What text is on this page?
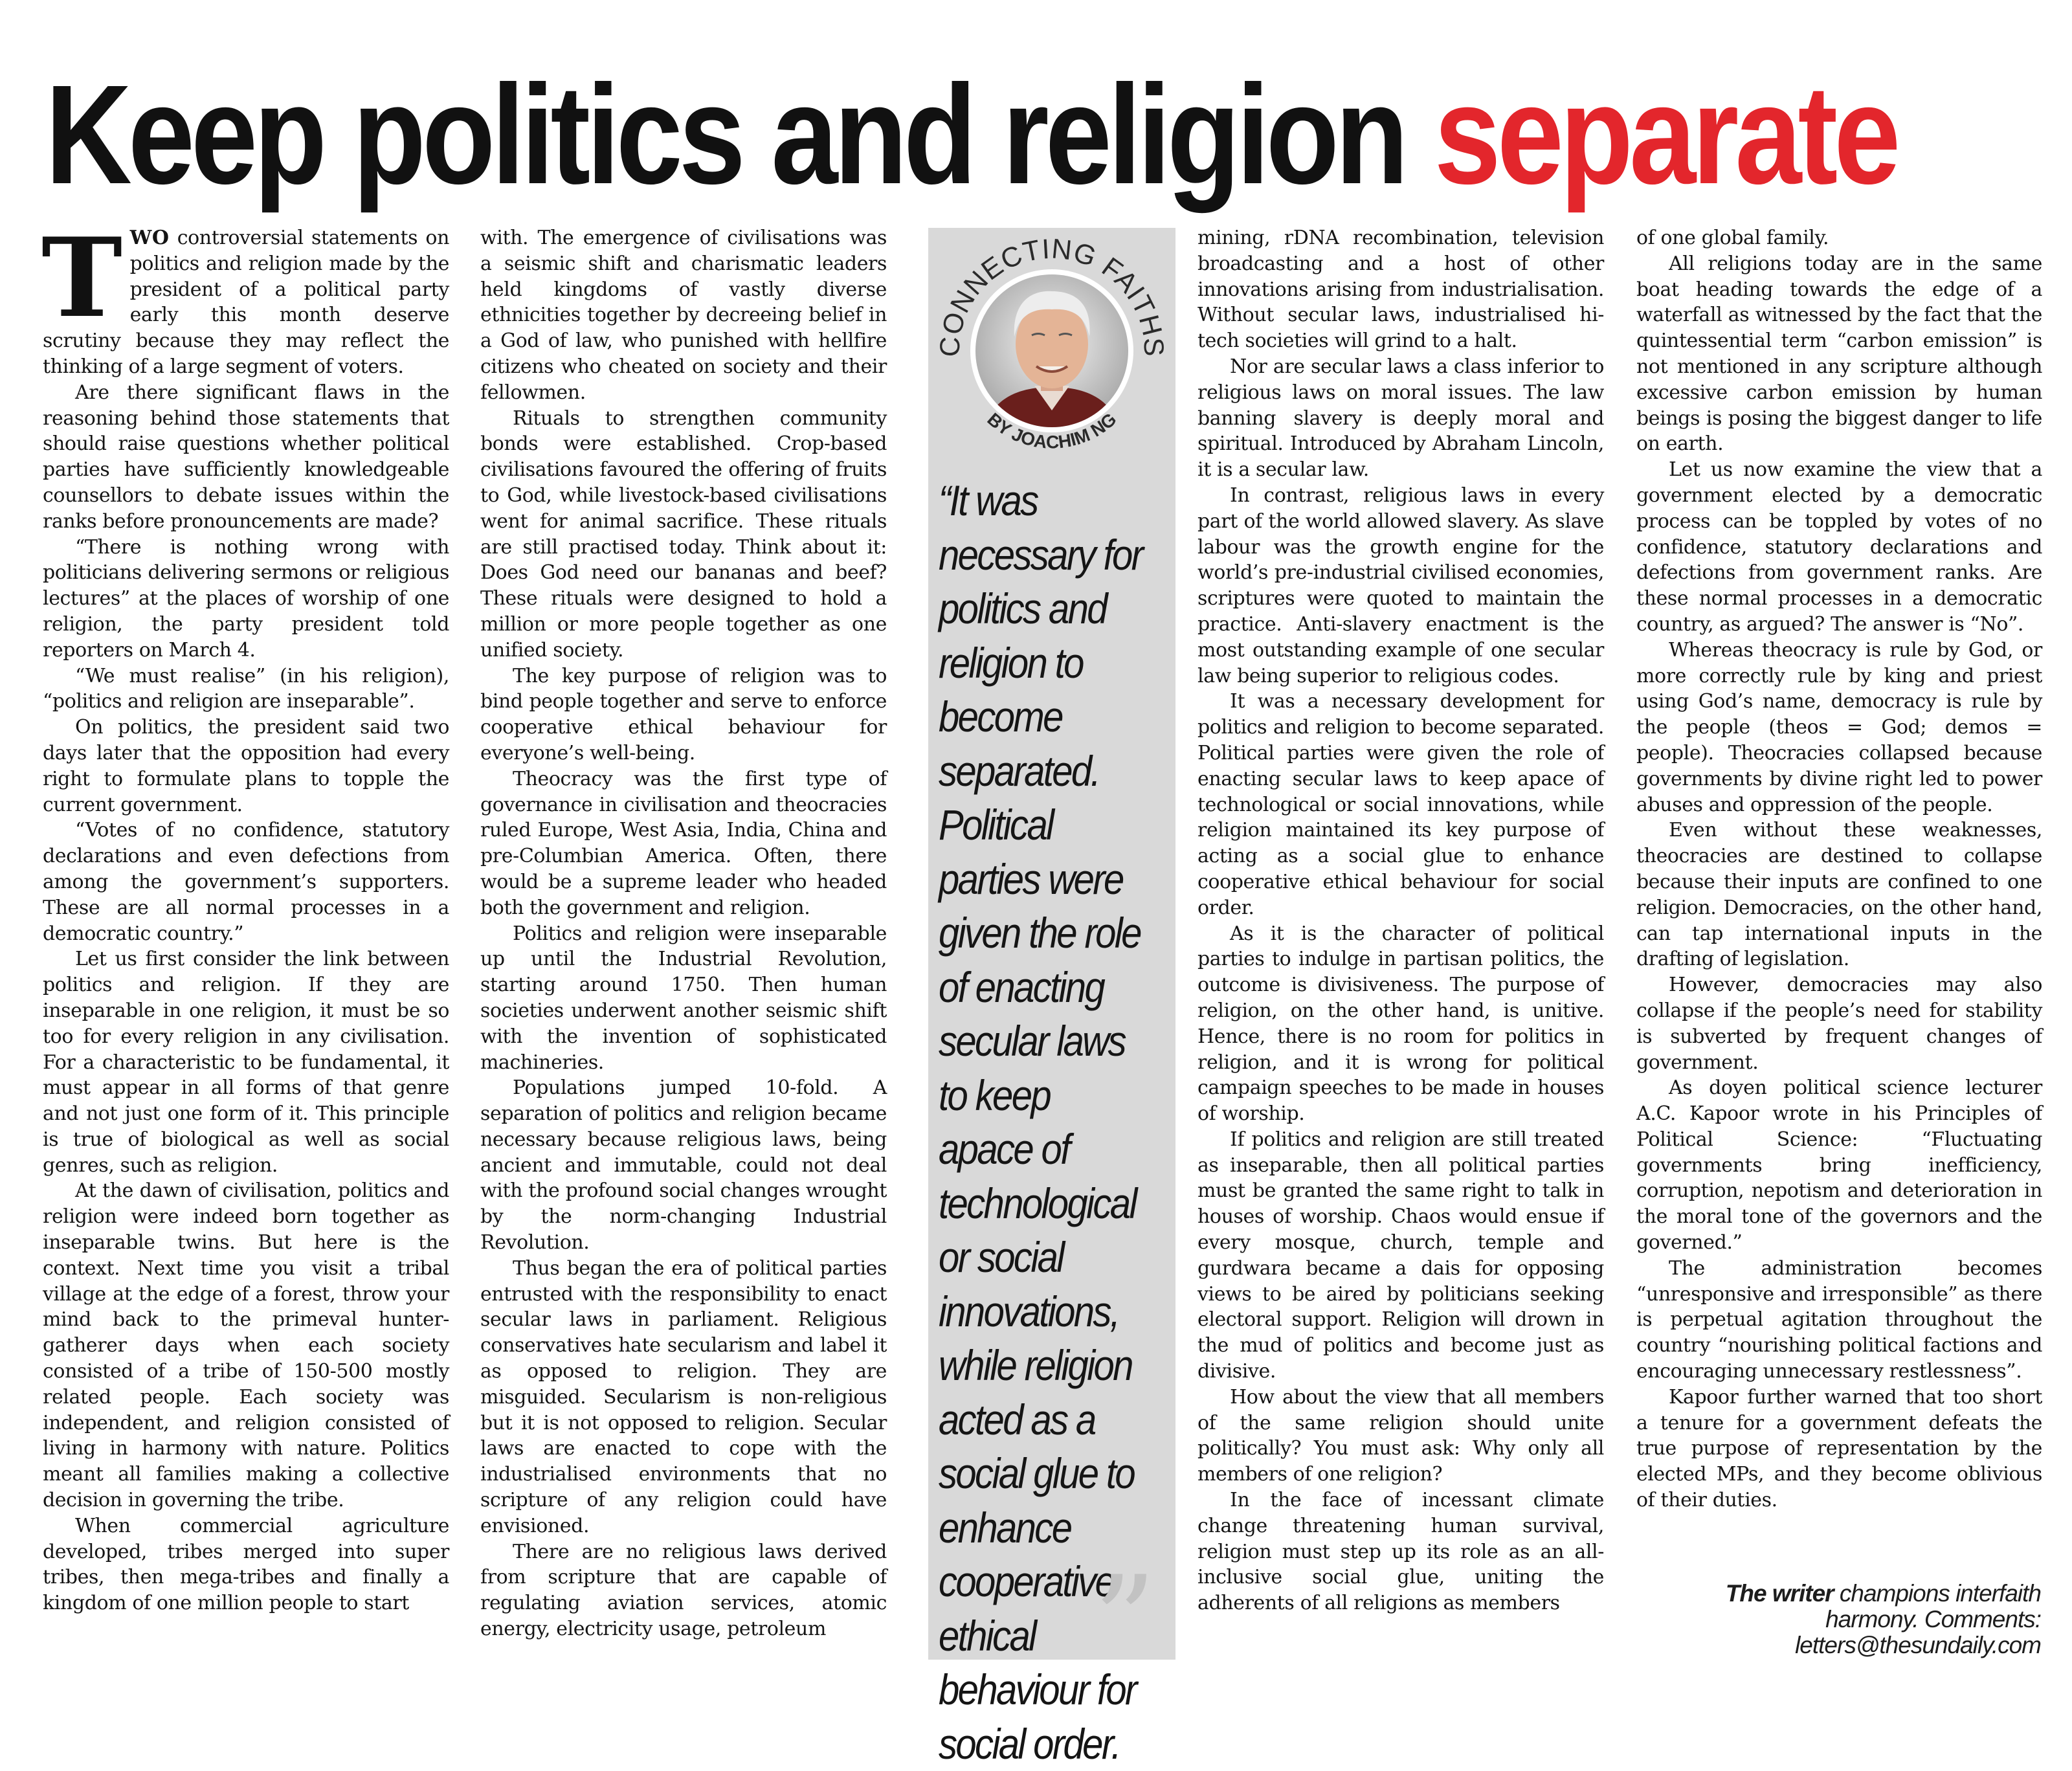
Keep politics and religion separate

TWO controversial statements on politics and religion made by the president of a political party early this month deserve scrutiny because they may reflect the thinking of a large segment of voters.

Are there significant flaws in the reasoning behind those statements that should raise questions whether political parties have sufficiently knowledgeable counsellors to debate issues within the ranks before pronouncements are made?

“There is nothing wrong with politicians delivering sermons or religious lectures” at the places of worship of one religion, the party president told reporters on March 4.

“We must realise” (in his religion), “politics and religion are inseparable”.

On politics, the president said two days later that the opposition had every right to formulate plans to topple the current government.

“Votes of no confidence, statutory declarations and even defections from among the government’s supporters. These are all normal processes in a democratic country.”

Let us first consider the link between politics and religion. If they are inseparable in one religion, it must be so too for every religion in any civilisation. For a characteristic to be fundamental, it must appear in all forms of that genre and not just one form of it. This principle is true of biological as well as social genres, such as religion.

At the dawn of civilisation, politics and religion were indeed born together as inseparable twins. But here is the context. Next time you visit a tribal village at the edge of a forest, throw your mind back to the primeval hunter-gatherer days when each society consisted of a tribe of 150-500 mostly related people. Each society was independent, and religion consisted of living in harmony with nature. Politics meant all families making a collective decision in governing the tribe.

When commercial agriculture developed, tribes merged into super tribes, then mega-tribes and finally a kingdom of one million people to start

with. The emergence of civilisations was a seismic shift and charismatic leaders held kingdoms of vastly diverse ethnicities together by decreeing belief in a God of law, who punished with hellfire citizens who cheated on society and their fellowmen.

Rituals to strengthen community bonds were established. Crop-based civilisations favoured the offering of fruits to God, while livestock-based civilisations went for animal sacrifice. These rituals are still practised today. Think about it: Does God need our bananas and beef? These rituals were designed to hold a million or more people together as one unified society.

The key purpose of religion was to bind people together and serve to enforce cooperative ethical behaviour for everyone’s well-being.

Theocracy was the first type of governance in civilisation and theocracies ruled Europe, West Asia, India, China and pre-Columbian America. Often, there would be a supreme leader who headed both the government and religion.

Politics and religion were inseparable up until the Industrial Revolution, starting around 1750. Then human societies underwent another seismic shift with the invention of sophisticated machineries.

Populations jumped 10-fold. A separation of politics and religion became necessary because religious laws, being ancient and immutable, could not deal with the profound social changes wrought by the norm-changing Industrial Revolution.

Thus began the era of political parties entrusted with the responsibility to enact secular laws in parliament. Religious conservatives hate secularism and label it as opposed to religion. They are misguided. Secularism is non-religious but it is not opposed to religion. Secular laws are enacted to cope with the industrialised environments that no scripture of any religion could have envisioned.

There are no religious laws derived from scripture that are capable of regulating aviation services, atomic energy, electricity usage, petroleum

CONNECTING FAITHS
BY JOACHIM NG
“It was necessary for politics and religion to become separated. Political parties were given the role of enacting secular laws to keep apace of technological or social innovations, while religion acted as a social glue to enhance cooperative ethical behaviour for social order.
”

mining, rDNA recombination, television broadcasting and a host of other innovations arising from industrialisation. Without secular laws, industrialised hi-tech societies will grind to a halt.

Nor are secular laws a class inferior to religious laws on moral issues. The law banning slavery is deeply moral and spiritual. Introduced by Abraham Lincoln, it is a secular law.

In contrast, religious laws in every part of the world allowed slavery. As slave labour was the growth engine for the world’s pre-industrial civilised economies, scriptures were quoted to maintain the practice. Anti-slavery enactment is the most outstanding example of one secular law being superior to religious codes.

It was a necessary development for politics and religion to become separated. Political parties were given the role of enacting secular laws to keep apace of technological or social innovations, while religion maintained its key purpose of acting as a social glue to enhance cooperative ethical behaviour for social order.

As it is the character of political parties to indulge in partisan politics, the outcome is divisiveness. The purpose of religion, on the other hand, is unitive. Hence, there is no room for politics in religion, and it is wrong for political campaign speeches to be made in houses of worship.

If politics and religion are still treated as inseparable, then all political parties must be granted the same right to talk in houses of worship. Chaos would ensue if every mosque, church, temple and gurdwara became a dais for opposing views to be aired by politicians seeking electoral support. Religion will drown in the mud of politics and become just as divisive.

How about the view that all members of the same religion should unite politically? You must ask: Why only all members of one religion?

In the face of incessant climate change threatening human survival, religion must step up its role as an all-inclusive social glue, uniting the adherents of all religions as members

of one global family.

All religions today are in the same boat heading towards the edge of a waterfall as witnessed by the fact that the quintessential term “carbon emission” is not mentioned in any scripture although excessive carbon emission by human beings is posing the biggest danger to life on earth.

Let us now examine the view that a government elected by a democratic process can be toppled by votes of no confidence, statutory declarations and defections from government ranks. Are these normal processes in a democratic country, as argued? The answer is “No”.

Whereas theocracy is rule by God, or more correctly rule by king and priest using God’s name, democracy is rule by the people (theos = God; demos = people). Theocracies collapsed because governments by divine right led to power abuses and oppression of the people.

Even without these weaknesses, theocracies are destined to collapse because their inputs are confined to one religion. Democracies, on the other hand, can tap international inputs in the drafting of legislation.

However, democracies may also collapse if the people’s need for stability is subverted by frequent changes of government.

As doyen political science lecturer A.C. Kapoor wrote in his Principles of Political Science: “Fluctuating governments bring inefficiency, corruption, nepotism and deterioration in the moral tone of the governors and the governed.”

The administration becomes “unresponsive and irresponsible” as there is perpetual agitation throughout the country “nourishing political factions and encouraging unnecessary restlessness”.

Kapoor further warned that too short a tenure for a government defeats the true purpose of representation by the elected MPs, and they become oblivious of their duties.

The writer champions interfaith harmony. Comments: letters@thesundaily.com
